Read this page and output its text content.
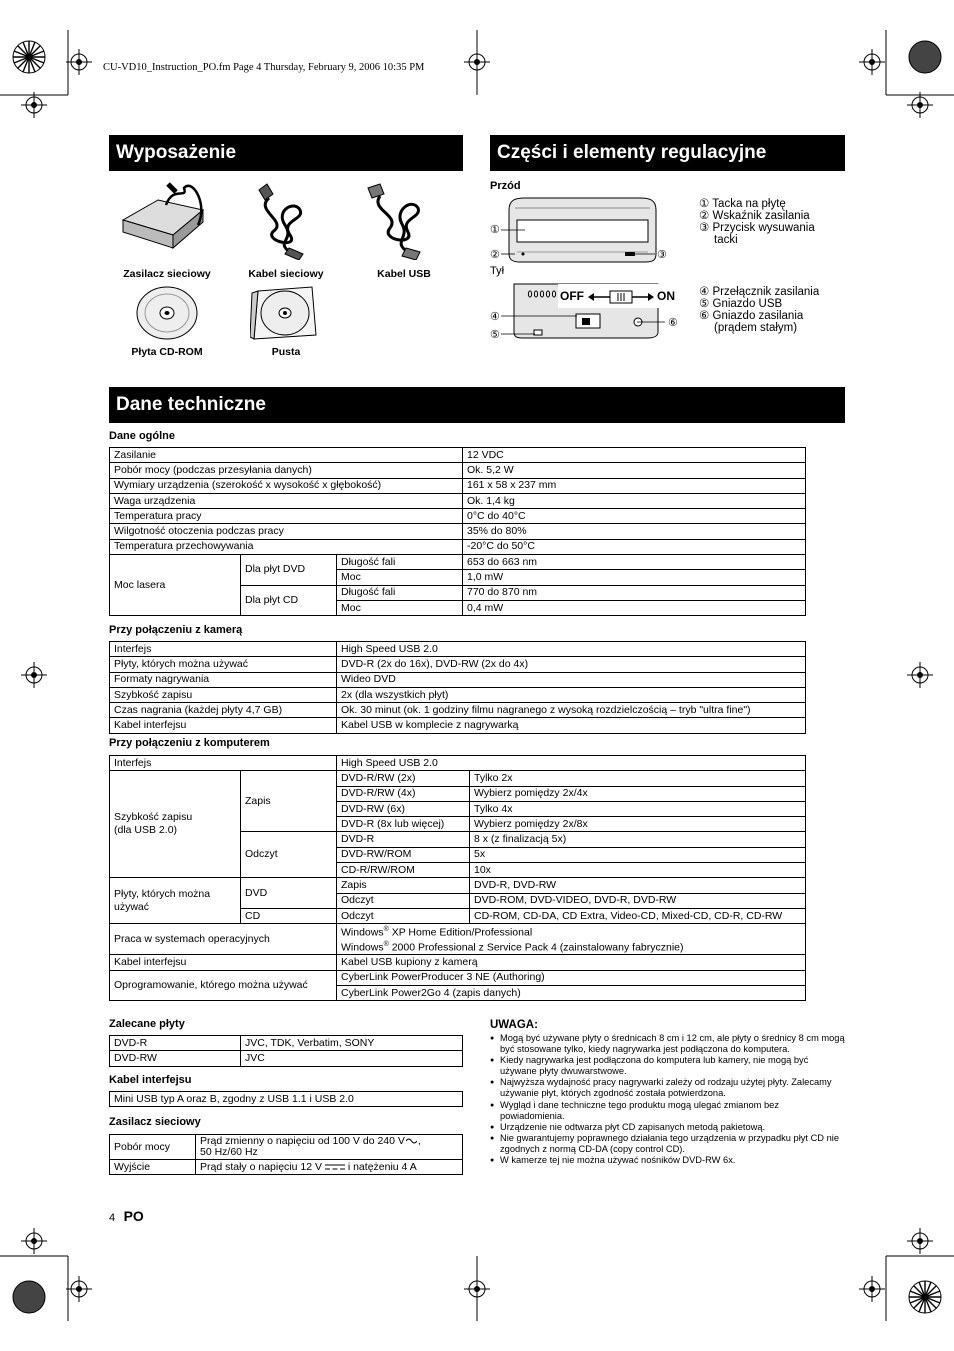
CU-VD10_Instruction_PO.fm Page 4 Thursday, February 9, 2006 10:35 PM
Wyposażenie	Części i elementy regulacyjne
Dane techniczne
Zasilacz sieciowy	Kabel sieciowy	Kabel USB
Płyta CD-ROM	Pusta
Przód
Tył
OFF	ON
①
②	③
④
⑤
⑥
① Tacka na płytę
② Wskaźnik zasilania
③ Przycisk wysuwania
tacki
④ Przełącznik zasilania
⑤ Gniazdo USB
⑥ Gniazdo zasilania
(prądem stałym)
Dane ogólne
Zasilanie			12 VDC
Pobór mocy (podczas przesyłania danych)			Ok. 5,2 W
Wymiary urządzenia (szerokość x wysokość x głębokość)			161 x 58 x 237 mm
Waga urządzenia			Ok. 1,4 kg
Temperatura pracy			0°C do 40°C
Wilgotność otoczenia podczas pracy			35% do 80%
Temperatura przechowywania			-20°C do 50°C
Moc lasera	Dla płyt DVD	Długość fali	653 do 663 nm
		Moc	1,0 mW
	Dla płyt CD	Długość fali	770 do 870 nm
		Moc	0,4 mW
Przy połączeniu z kamerą
Interfejs	High Speed USB 2.0
Płyty, których można używać	DVD-R (2x do 16x), DVD-RW (2x do 4x)
Formaty nagrywania	Wideo DVD
Szybkość zapisu	2x (dla wszystkich płyt)
Czas nagrania (każdej płyty 4,7 GB)	Ok. 30 minut (ok. 1 godziny filmu nagranego z wysoką rozdzielczością – tryb "ultra fine")
Kabel interfejsu	Kabel USB w komplecie z nagrywarką
Przy połączeniu z komputerem
Interfejs		High Speed USB 2.0	

Szybkość zapisu
(dla USB 2.0)	Zapis	DVD-R/RW (2x)	Tylko 2x
		DVD-R/RW (4x)	Wybierz pomiędzy 2x/4x
		DVD-RW (6x)	Tylko 4x
		DVD-R (8x lub więcej)	Wybierz pomiędzy 2x/8x
	Odczyt	DVD-R	8 x (z finalizacją 5x)
		DVD-RW/ROM	5x
		CD-R/RW/ROM	10x

Płyty, których można
używać	DVD	Zapis	DVD-R, DVD-RW
		Odczyt	DVD-ROM, DVD-VIDEO, DVD-R, DVD-RW
	CD	Odczyt	CD-ROM, CD-DA, CD Extra, Video-CD, Mixed-CD, CD-R, CD-RW
Praca w systemach operacyjnych		Windows® XP Home Edition/Professional
Windows® 2000 Professional z Service Pack 4 (zainstalowany fabrycznie)	

Kabel interfejsu		Kabel USB kupiony z kamerą	
Oprogramowanie, którego można używać		CyberLink PowerProducer 3 NE (Authoring)	
		CyberLink Power2Go 4 (zapis danych)	
Zalecane płyty
DVD-R	JVC, TDK, Verbatim, SONY
DVD-RW	JVC
Kabel interfejsu
Mini USB typ A oraz B, zgodny z USB 1.1 i USB 2.0
Zasilacz sieciowy
Pobór mocy	Prąd zmienny o napięciu od 100 V do 240 V ,
50 Hz/60 Hz

Wyjście	Prąd stały o napięciu 12 V i natężeniu 4 A
UWAGA:
● Mogą być używane płyty o średnicach 8 cm i 12 cm, ale płyty o średnicy 8 cm mogą być stosowane tylko, kiedy nagrywarka jest podłączona do komputera.
● Kiedy nagrywarka jest podłączona do komputera lub kamery, nie mogą być używane płyty dwuwarstwowe.
● Najwyższa wydajność pracy nagrywarki zależy od rodzaju użytej płyty. Zalecamy używanie płyt, których zgodność została potwierdzona.
● Wygląd i dane techniczne tego produktu mogą ulegać zmianom bez powiadomienia.
● Urządzenie nie odtwarza płyt CD zapisanych metodą pakietową.
● Nie gwarantujemy poprawnego działania tego urządzenia w przypadku płyt CD nie zgodnych z normą CD-DA (copy control CD).
● W kamerze tej nie można używać nośników DVD-RW 6x.
4 PO
